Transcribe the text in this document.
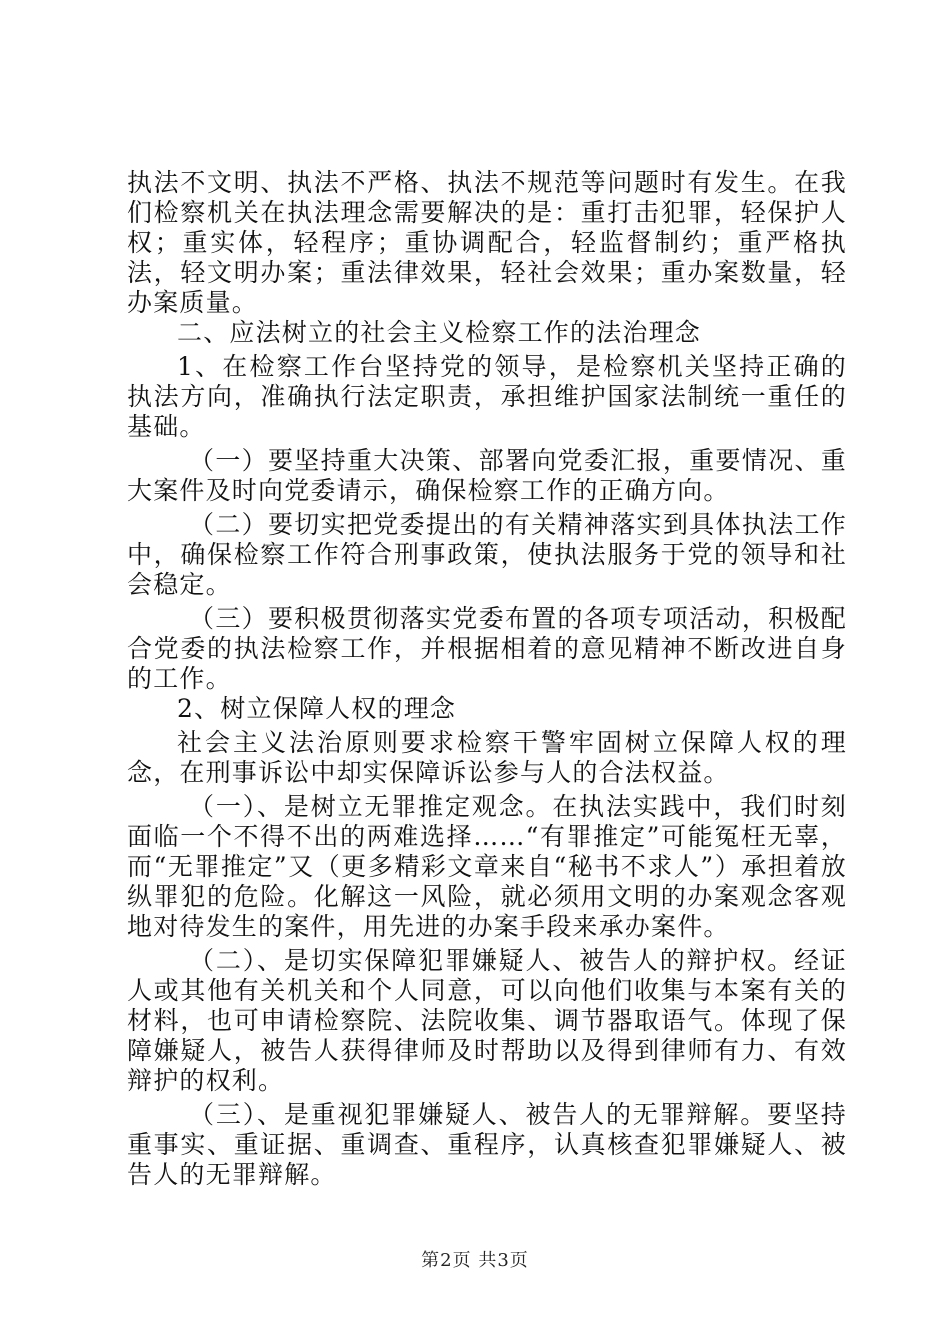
执法不文明、执法不严格、执法不规范等问题时有发生。在我们检察机关在执法理念需要解决的是：重打击犯罪，轻保护人权；重实体，轻程序；重协调配合，轻监督制约；重严格执法，轻文明办案；重法律效果，轻社会效果；重办案数量，轻办案质量。

二、应法树立的社会主义检察工作的法治理念

1、在检察工作台坚持党的领导，是检察机关坚持正确的执法方向，准确执行法定职责，承担维护国家法制统一重任的基础。

（一）要坚持重大决策、部署向党委汇报，重要情况、重大案件及时向党委请示，确保检察工作的正确方向。

（二）要切实把党委提出的有关精神落实到具体执法工作中，确保检察工作符合刑事政策，使执法服务于党的领导和社会稳定。

（三）要积极贯彻落实党委布置的各项专项活动，积极配合党委的执法检察工作，并根据相着的意见精神不断改进自身的工作。

2、树立保障人权的理念

社会主义法治原则要求检察干警牢固树立保障人权的理念，在刑事诉讼中却实保障诉讼参与人的合法权益。

（一）、是树立无罪推定观念。在执法实践中，我们时刻面临一个不得不出的两难选择……“有罪推定”可能冤枉无辜，而“无罪推定”又（更多精彩文章来自“秘书不求人”）承担着放纵罪犯的危险。化解这一风险，就必须用文明的办案观念客观地对待发生的案件，用先进的办案手段来承办案件。

（二）、是切实保障犯罪嫌疑人、被告人的辩护权。经证人或其他有关机关和个人同意，可以向他们收集与本案有关的材料，也可申请检察院、法院收集、调节器取语气。体现了保障嫌疑人，被告人获得律师及时帮助以及得到律师有力、有效辩护的权利。

（三）、是重视犯罪嫌疑人、被告人的无罪辩解。要坚持重事实、重证据、重调查、重程序，认真核查犯罪嫌疑人、被告人的无罪辩解。

第2页 共3页
